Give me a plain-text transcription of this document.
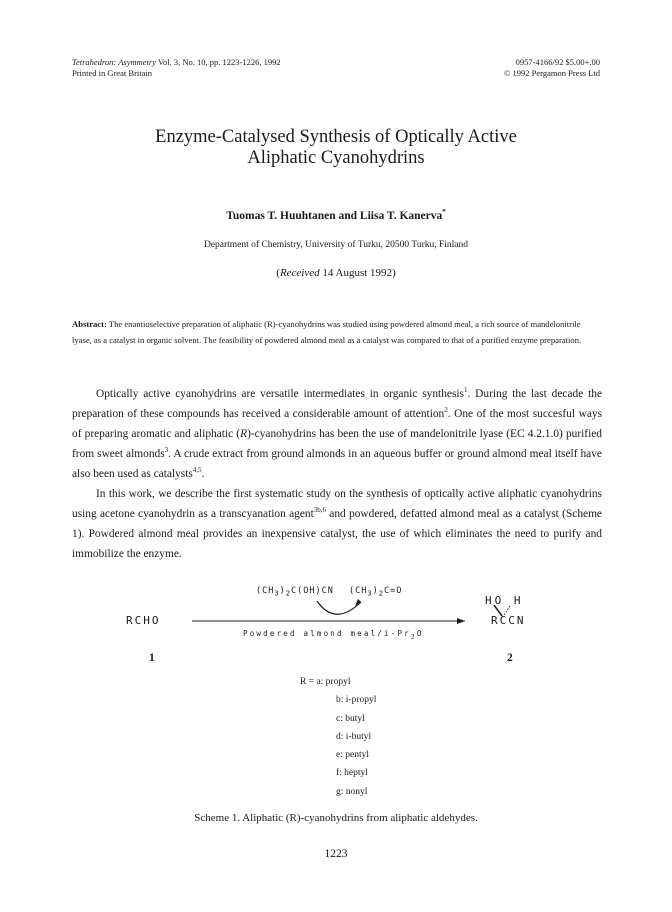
Tetrahedron: Asymmetry Vol. 3, No. 10, pp. 1223-1226, 1992
Printed in Great Britain
0957-4166/92 $5.00+.00
© 1992 Pergamon Press Ltd
Enzyme-Catalysed Synthesis of Optically Active
Aliphatic Cyanohydrins
Tuomas T. Huuhtanen and Liisa T. Kanerva*
Department of Chemistry, University of Turku, 20500 Turku, Finland
(Received 14 August 1992)
Abstract: The enantioselective preparation of aliphatic (R)-cyanohydrins was studied using powdered almond meal, a rich source of mandelonitrile lyase, as a catalyst in organic solvent. The feasibility of powdered almond meal as a catalyst was compared to that of a purified enzyme preparation.

Optically active cyanohydrins are versatile intermediates in organic synthesis$^1$. During the last decade the preparation of these compounds has received a considerable amount of attention$^2$. One of the most succesful ways of preparing aromatic and aliphatic (R)-cyanohydrins has been the use of mandelonitrile lyase (EC 4.2.1.0) purified from sweet almonds$^3$. A crude extract from ground almonds in an aqueous buffer or ground almond meal itself have also been used as catalysts$^{4,5}$.

In this work, we describe the first systematic study on the synthesis of optically active aliphatic cyanohydrins using acetone cyanohydrin as a transcyanation agent$^{3b,6}$ and powdered, defatted almond meal as a catalyst (Scheme 1). Powdered almond meal provides an inexpensive catalyst, the use of which eliminates the need to purify and immobilize the enzyme.

$(CH_3)_2C(OH)CN$ $(CH_3)_2C=O$
RCHO
Powdered almond meal/$i-Pr_2O$
HO H
RCCN
1	2
R = a: propyl
b: i-propyl
c: butyl
d: i-butyl
e: pentyl
f: heptyl
g: nonyl
Scheme 1. Aliphatic (R)-cyanohydrins from aliphatic aldehydes.
1223
